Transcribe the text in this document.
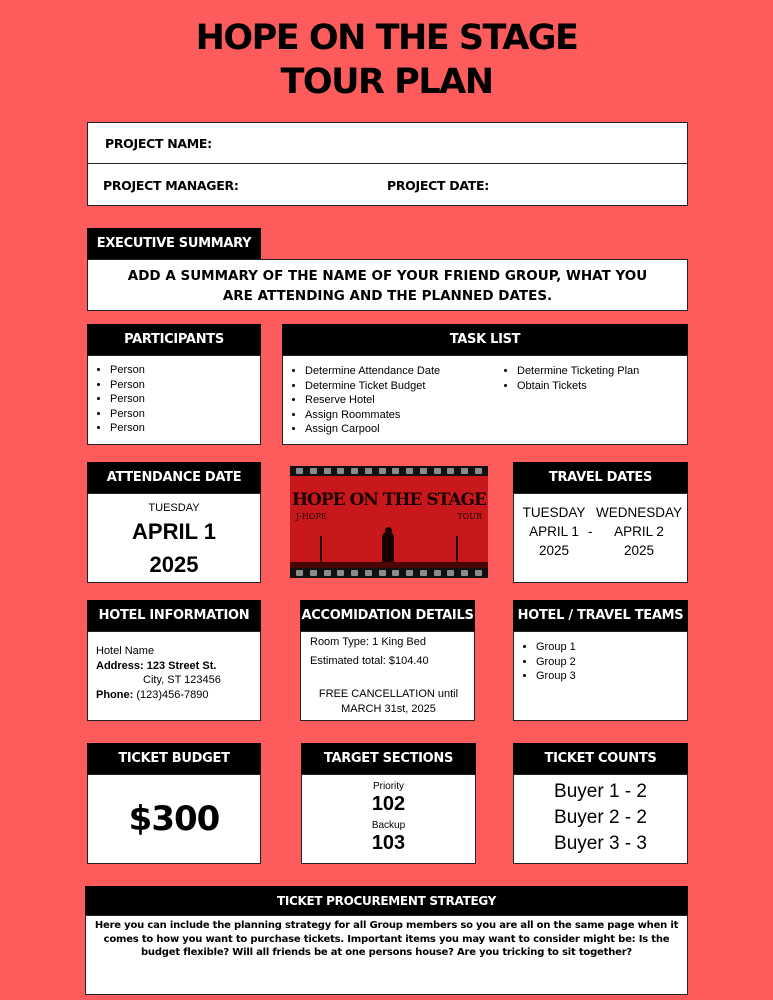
HOPE ON THE STAGE
TOUR PLAN
PROJECT NAME:
PROJECT MANAGER:	PROJECT DATE:
EXECUTIVE SUMMARY
ADD A SUMMARY OF THE NAME OF YOUR FRIEND GROUP, WHAT YOU ARE ATTENDING AND THE PLANNED DATES.
PARTICIPANTS
• Person
• Person
• Person
• Person
• Person
TASK LIST
• Determine Attendance Date
• Determine Ticket Budget
• Reserve Hotel
• Assign Roommates
• Assign Carpool
• Determine Ticketing Plan
• Obtain Tickets
ATTENDANCE DATE
TUESDAY
APRIL 1
2025
HOPE ON THE STAGE
J-HOPE	TOUR
TRAVEL DATES
TUESDAY
APRIL 1
2025
-
WEDNESDAY
APRIL 2
2025
HOTEL INFORMATION
Hotel Name
Address: 123 Street St.
City, ST 123456
Phone: (123)456-7890
ACCOMIDATION DETAILS
Room Type: 1 King Bed
Estimated total: $104.40
FREE CANCELLATION until
MARCH 31st, 2025
HOTEL / TRAVEL TEAMS
• Group 1
• Group 2
• Group 3
TICKET BUDGET
$300
TARGET SECTIONS
Priority
102
Backup
103
TICKET COUNTS
Buyer 1 - 2
Buyer 2 - 2
Buyer 3 - 3
TICKET PROCUREMENT STRATEGY
Here you can include the planning strategy for all Group members so you are all on the same page when it comes to how you want to purchase tickets. Important items you may want to consider might be: Is the budget flexible? Will all friends be at one persons house? Are you tricking to sit together?
